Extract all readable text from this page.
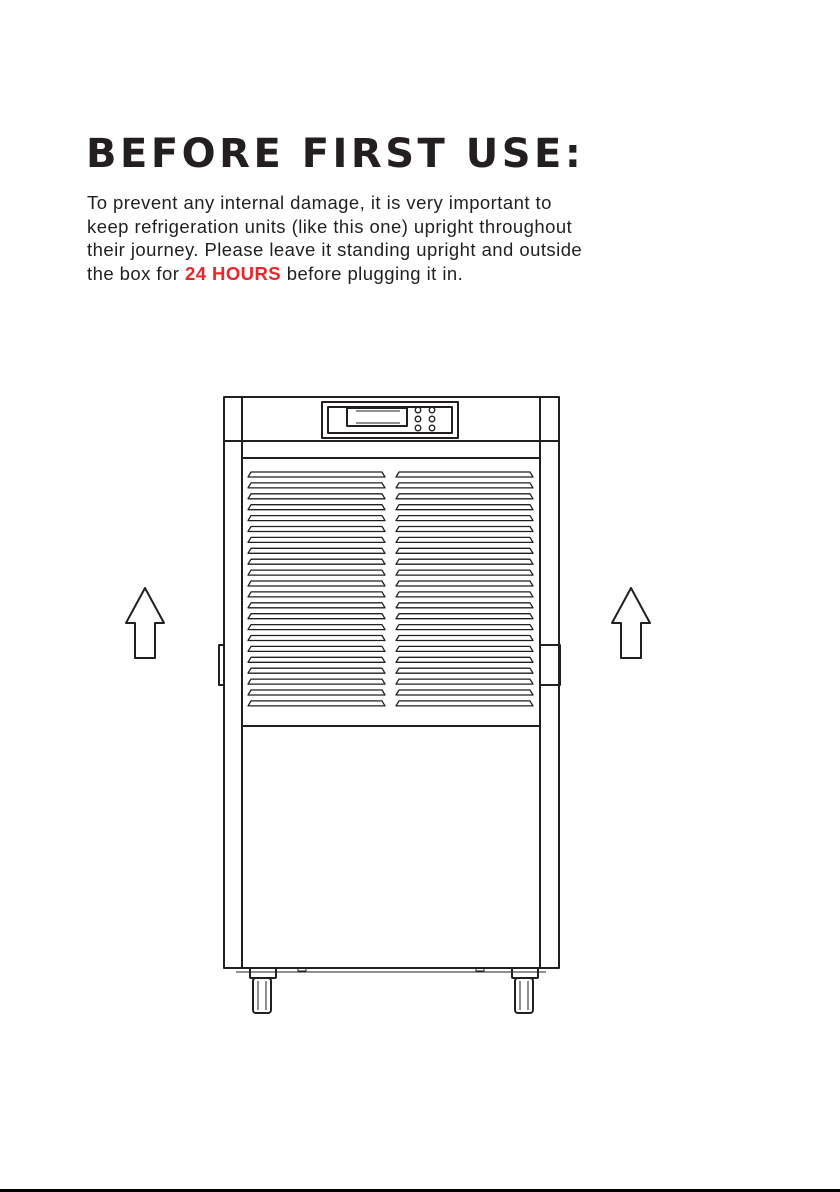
BEFORE FIRST USE:

To prevent any internal damage, it is very important to
keep refrigeration units (like this one) upright throughout
their journey. Please leave it standing upright and outside
the box for 24 HOURS before plugging it in.
